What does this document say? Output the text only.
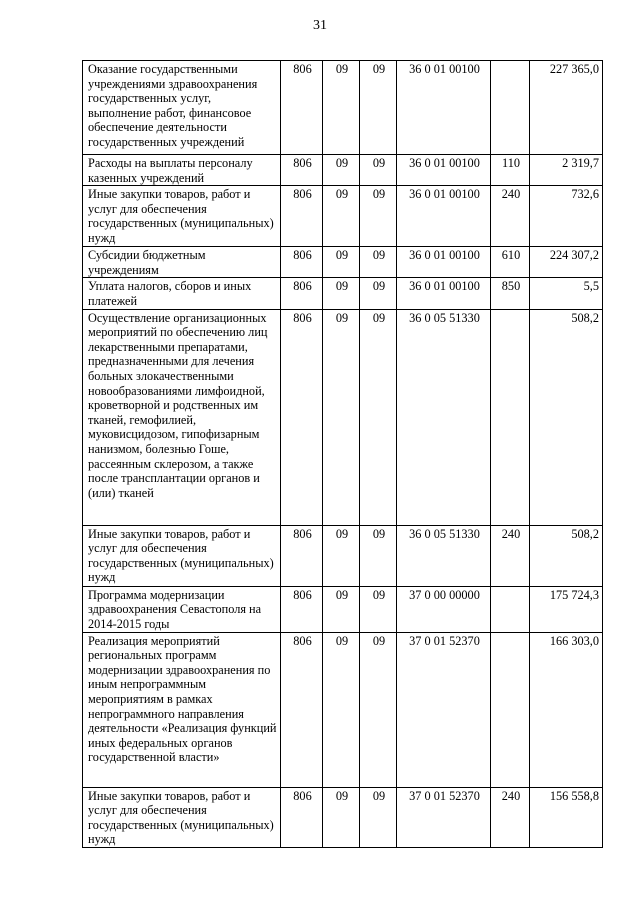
31
Оказание государственными учреждениями здравоохранения государственных услуг, выполнение работ, финансовое обеспечение деятельности государственных учреждений	806	09	09	36 0 01 00100		227 365,0
Расходы на выплаты персоналу казенных учреждений	806	09	09	36 0 01 00100	110	2 319,7
Иные закупки товаров, работ и услуг для обеспечения государственных (муниципальных) нужд	806	09	09	36 0 01 00100	240	732,6
Субсидии бюджетным учреждениям	806	09	09	36 0 01 00100	610	224 307,2
Уплата налогов, сборов и иных платежей	806	09	09	36 0 01 00100	850	5,5
Осуществление организационных мероприятий по обеспечению лиц лекарственными препаратами, предназначенными для лечения больных злокачественными новообразованиями лимфоидной, кроветворной и родственных им тканей, гемофилией, муковисцидозом, гипофизарным нанизмом, болезнью Гоше, рассеянным склерозом, а также после трансплантации органов и (или) тканей	806	09	09	36 0 05 51330		508,2
Иные закупки товаров, работ и услуг для обеспечения государственных (муниципальных) нужд	806	09	09	36 0 05 51330	240	508,2
Программа модернизации здравоохранения Севастополя на 2014-2015 годы	806	09	09	37 0 00 00000		175 724,3
Реализация мероприятий региональных программ модернизации здравоохранения по иным непрограммным мероприятиям в рамках непрограммного направления деятельности «Реализация функций иных федеральных органов государственной власти»	806	09	09	37 0 01 52370		166 303,0
Иные закупки товаров, работ и услуг для обеспечения государственных (муниципальных) нужд	806	09	09	37 0 01 52370	240	156 558,8
